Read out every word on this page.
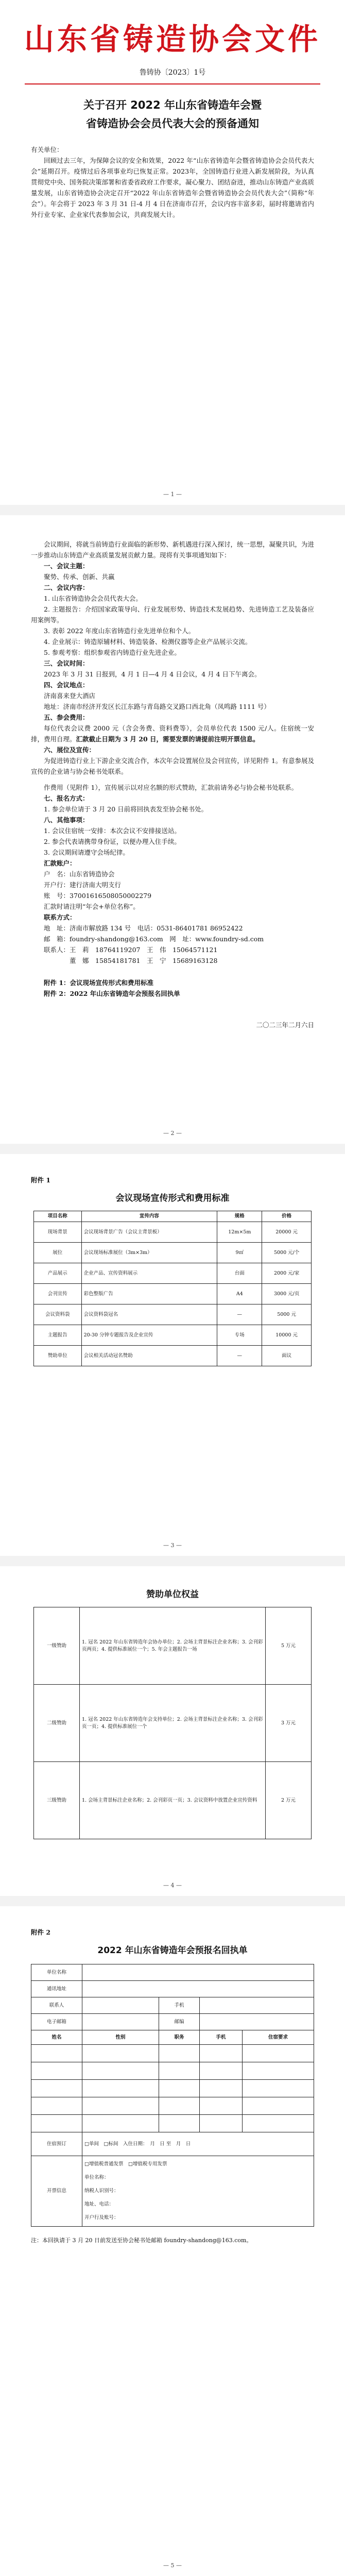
山东省铸造协会文件
鲁铸协〔2023〕1号
关于召开 2022 年山东省铸造年会暨
省铸造协会会员代表大会的预备通知

有关单位：

回顾过去三年，为保障会议的安全和效果，2022 年“山东省铸造年会暨省铸造协会会员代表大会”延期召开。疫情过后各项事业均已恢复正常。2023年，全国铸造行业进入新发展阶段，为认真贯彻党中央、国务院决策部署和省委省政府工作要求，凝心聚力、团结奋进，推动山东铸造产业高质量发展，山东省铸造协会决定召开“2022 年山东省铸造年会暨省铸造协会会员代表大会”（简称“年会”）。年会将于 2023 年 3 月 31 日-4 月 4 日在济南市召开，会议内容丰富多彩，届时将邀请省内外行业专家、企业家代表参加会议，共商发展大计。

— 1 —

会议期间，将就当前铸造行业面临的新形势、新机遇进行深入探讨，统一思想，凝聚共识，为进一步推动山东铸造产业高质量发展贡献力量。现将有关事项通知如下：

一、会议主题：

聚势、传承、创新、共赢

二、会议内容：

1. 山东省铸造协会会员代表大会。

2. 主题报告：介绍国家政策导向、行业发展形势、铸造技术发展趋势、先进铸造工艺及装备应用案例等。

3. 表彰 2022 年度山东省铸造行业先进单位和个人。

4. 企业展示：铸造原辅材料、铸造装备、检测仪器等企业产品展示交流。

5. 参观考察：组织参观省内铸造行业先进企业。

三、会议时间：

2023 年 3 月 31 日报到，4 月 1 日—4 月 4 日会议，4 月 4 日下午离会。

四、会议地点：

济南喜来登大酒店

地址：济南市经济开发区长江东路与青岛路交叉路口西北角（凤鸣路 1111 号）

五、参会费用：

每位代表会议费 2000 元（含会务费、资料费等），会员单位代表 1500 元/人。住宿统一安排，费用自理。汇款截止日期为 3 月 20 日，需要发票的请提前注明开票信息。

六、展位及宣传：

为促进铸造行业上下游企业交流合作，本次年会设置展位及会刊宣传，详见附件 1。有意参展及宣传的企业请与协会秘书处联系。

作费用（见附件 1），宣传展示以对应名额的形式赞助，汇款前请务必与协会秘书处联系。

七、报名方式：

1. 参会单位请于 3 月 20 日前将回执表发至协会秘书处。

八、其他事项：

1. 会议住宿统一安排：本次会议不安排接送站。

2. 参会代表请携带身份证，以便办理入住手续。

3. 会议期间请遵守会场纪律。

汇款账户：

户　名：山东省铸造协会

开户行：建行济南大明支行

账　号：37001616508050002279

汇款时请注明“年会+单位名称”。

联系方式：

地　址：济南市解放路 134 号　电话：0531-86401781 86952422

邮　箱：foundry-shandong@163.com　网　址：www.foundry-sd.com

联系人：王　莉　18764119207　王　伟　15064571121

　　　　董　娜　15854181781　王　宁　15689163128

附件 1：会议现场宣传形式和费用标准

附件 2：2022 年山东省铸造年会预报名回执单

二〇二三年二月六日
— 2 —

附件 1

会议现场宣传形式和费用标准
项目名称	宣传内容	规格	价格
现场背景	会议现场背景广告（会议主背景板）	12m×5m	20000 元
展位	会议现场标准展位（3m×3m）	9㎡	5000 元/个
产品展示	企业产品、宣传资料展示	台面	2000 元/家
会刊宣传	彩色整版广告	A4	3000 元/页
会议资料袋	会议资料袋冠名	—	5000 元
主题报告	20-30 分钟专题报告及企业宣传	专场	10000 元
赞助单位	会议相关活动冠名赞助	—	面议
— 3 —
赞助单位权益
一级赞助	1. 冠名 2022 年山东省铸造年会协办单位；2. 会场主背景标注企业名称；3. 会刊彩页两页；4. 提供标准展位一个；5. 年会主题报告一场	5 万元
二级赞助	1. 冠名 2022 年山东省铸造年会支持单位；2. 会场主背景标注企业名称；3. 会刊彩页一页；4. 提供标准展位一个	3 万元
三级赞助	1. 会场主背景标注企业名称；2. 会刊彩页一页；3. 会议资料中放置企业宣传资料	2 万元
— 4 —

附件 2

2022 年山东省铸造年会预报名回执单
单位名称				
通讯地址				
联系人		手机		
电子邮箱		邮编		
姓名	性别	职务	手机	住宿要求

住宿预订	□单间　□标间　入住日期：　月　日 至　月　日			
开票信息	□增值税普通发票　□增值税专用发票
单位名称：
纳税人识别号：
地址、电话：
开户行及账号：			

注：本回执请于 3 月 20 日前发送至协会秘书处邮箱 foundry-shandong@163.com。

— 5 —
